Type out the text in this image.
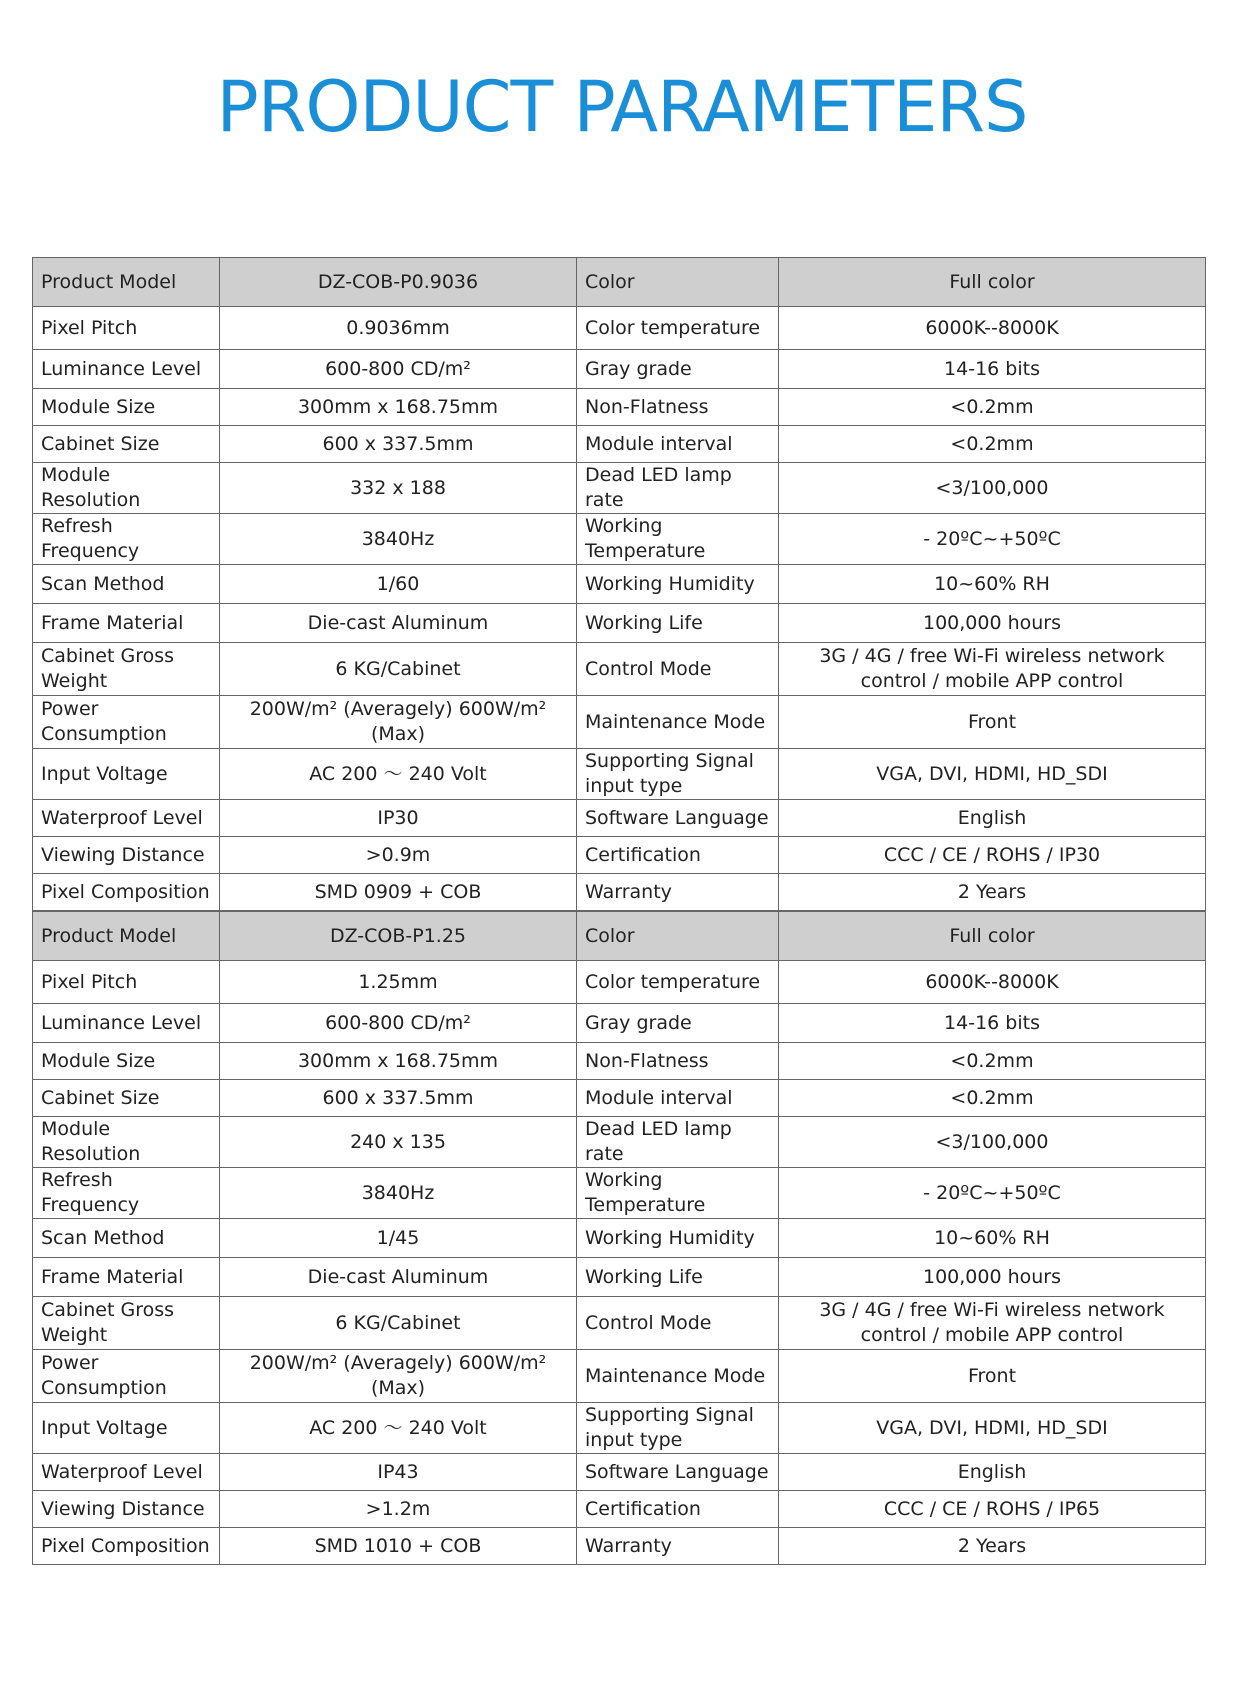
PRODUCT PARAMETERS
Product Model	DZ-COB-P0.9036	Color	Full color
Pixel Pitch	0.9036mm	Color temperature	6000K--8000K
Luminance Level	600-800 CD/m²	Gray grade	14-16 bits
Module Size	300mm x 168.75mm	Non-Flatness	<0.2mm
Cabinet Size	600 x 337.5mm	Module interval	<0.2mm
Module Resolution	332 x 188	Dead LED lamp rate	<3/100,000
Refresh Frequency	3840Hz	Working Temperature	- 20ºC~+50ºC
Scan Method	1/60	Working Humidity	10~60% RH
Frame Material	Die-cast Aluminum	Working Life	100,000 hours
Cabinet Gross Weight	6 KG/Cabinet	Control Mode	3G / 4G / free Wi-Fi wireless network control / mobile APP control
Power Consumption	200W/m² (Averagely) 600W/m² (Max)	Maintenance Mode	Front
Input Voltage	AC 200 ～ 240 Volt	Supporting Signal input type	VGA, DVI, HDMI, HD_SDI
Waterproof Level	IP30	Software Language	English
Viewing Distance	>0.9m	Certification	CCC / CE / ROHS / IP30
Pixel Composition	SMD 0909 + COB	Warranty	2 Years
Product Model	DZ-COB-P1.25	Color	Full color
Pixel Pitch	1.25mm	Color temperature	6000K--8000K
Luminance Level	600-800 CD/m²	Gray grade	14-16 bits
Module Size	300mm x 168.75mm	Non-Flatness	<0.2mm
Cabinet Size	600 x 337.5mm	Module interval	<0.2mm
Module Resolution	240 x 135	Dead LED lamp rate	<3/100,000
Refresh Frequency	3840Hz	Working Temperature	- 20ºC~+50ºC
Scan Method	1/45	Working Humidity	10~60% RH
Frame Material	Die-cast Aluminum	Working Life	100,000 hours
Cabinet Gross Weight	6 KG/Cabinet	Control Mode	3G / 4G / free Wi-Fi wireless network control / mobile APP control
Power Consumption	200W/m² (Averagely) 600W/m² (Max)	Maintenance Mode	Front
Input Voltage	AC 200 ～ 240 Volt	Supporting Signal input type	VGA, DVI, HDMI, HD_SDI
Waterproof Level	IP43	Software Language	English
Viewing Distance	>1.2m	Certification	CCC / CE / ROHS / IP65
Pixel Composition	SMD 1010 + COB	Warranty	2 Years
